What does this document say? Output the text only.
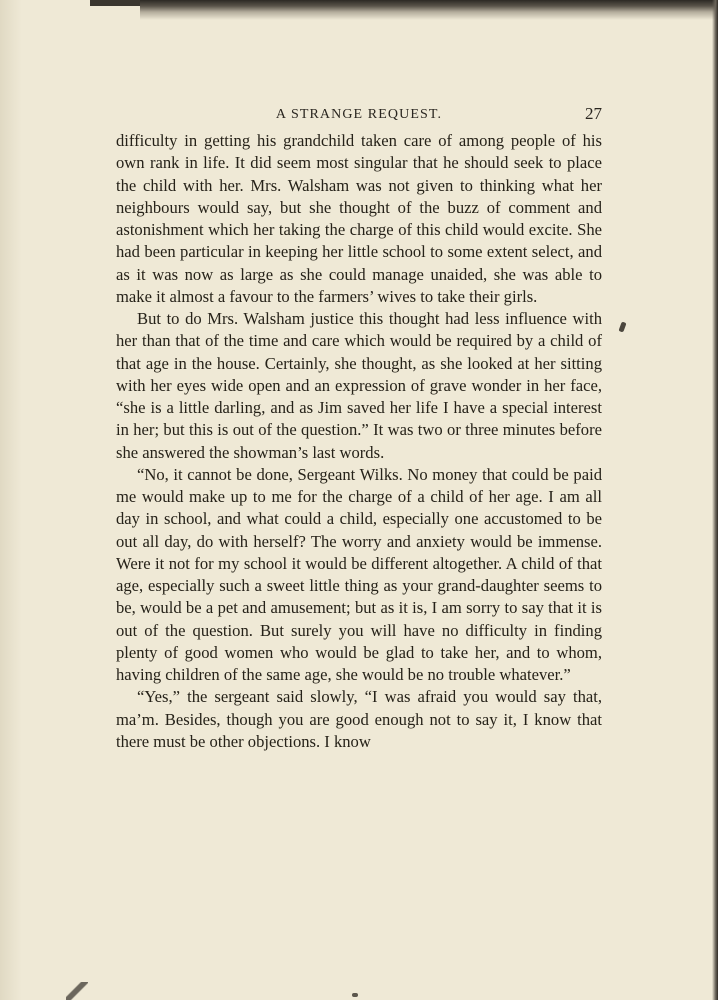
A STRANGE REQUEST.	27

difficulty in getting his grandchild taken care of among people of his own rank in life. It did seem most singular that he should seek to place the child with her. Mrs. Walsham was not given to thinking what her neighbours would say, but she thought of the buzz of comment and astonishment which her taking the charge of this child would excite. She had been particular in keeping her little school to some extent select, and as it was now as large as she could manage unaided, she was able to make it almost a favour to the farmers’ wives to take their girls.

But to do Mrs. Walsham justice this thought had less influence with her than that of the time and care which would be required by a child of that age in the house. Certainly, she thought, as she looked at her sitting with her eyes wide open and an expression of grave wonder in her face, “she is a little darling, and as Jim saved her life I have a special interest in her; but this is out of the question.” It was two or three minutes before she answered the showman’s last words.

“No, it cannot be done, Sergeant Wilks. No money that could be paid me would make up to me for the charge of a child of her age. I am all day in school, and what could a child, especially one accustomed to be out all day, do with herself? The worry and anxiety would be immense. Were it not for my school it would be different altogether. A child of that age, especially such a sweet little thing as your grand-daughter seems to be, would be a pet and amusement; but as it is, I am sorry to say that it is out of the question. But surely you will have no difficulty in finding plenty of good women who would be glad to take her, and to whom, having children of the same age, she would be no trouble whatever.”

“Yes,” the sergeant said slowly, “I was afraid you would say that, ma’m. Besides, though you are good enough not to say it, I know that there must be other objections. I know
